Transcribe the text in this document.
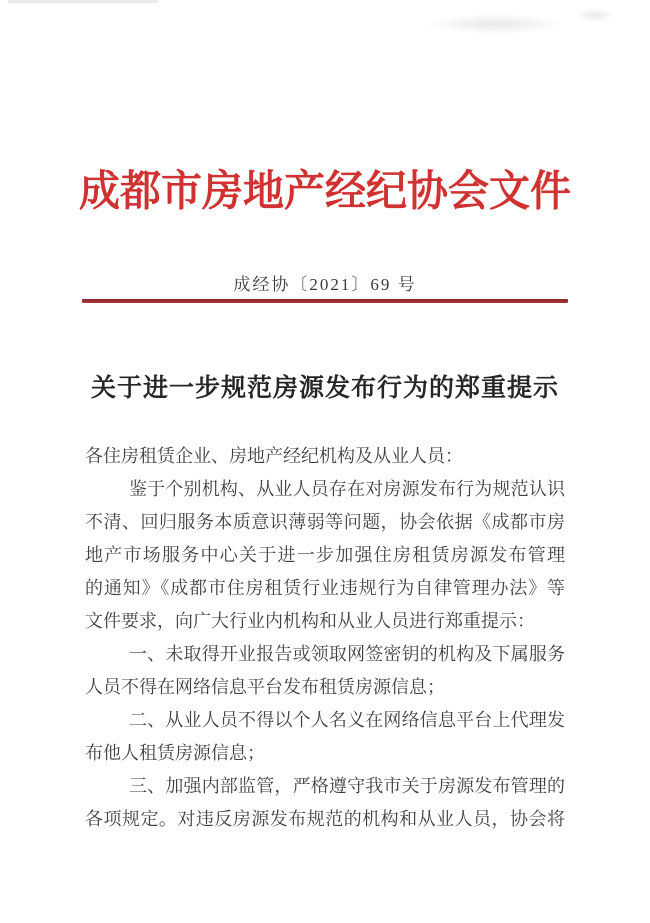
成都市房地产经纪协会文件
成经协〔2021〕69 号
关于进一步规范房源发布行为的郑重提示

各住房租赁企业、房地产经纪机构及从业人员：

鉴于个别机构、从业人员存在对房源发布行为规范认识

不清、回归服务本质意识薄弱等问题，协会依据《成都市房

地产市场服务中心关于进一步加强住房租赁房源发布管理

的通知》《成都市住房租赁行业违规行为自律管理办法》等

文件要求，向广大行业内机构和从业人员进行郑重提示：

一、未取得开业报告或领取网签密钥的机构及下属服务

人员不得在网络信息平台发布租赁房源信息；

二、从业人员不得以个人名义在网络信息平台上代理发

布他人租赁房源信息；

三、加强内部监管，严格遵守我市关于房源发布管理的

各项规定。对违反房源发布规范的机构和从业人员，协会将
